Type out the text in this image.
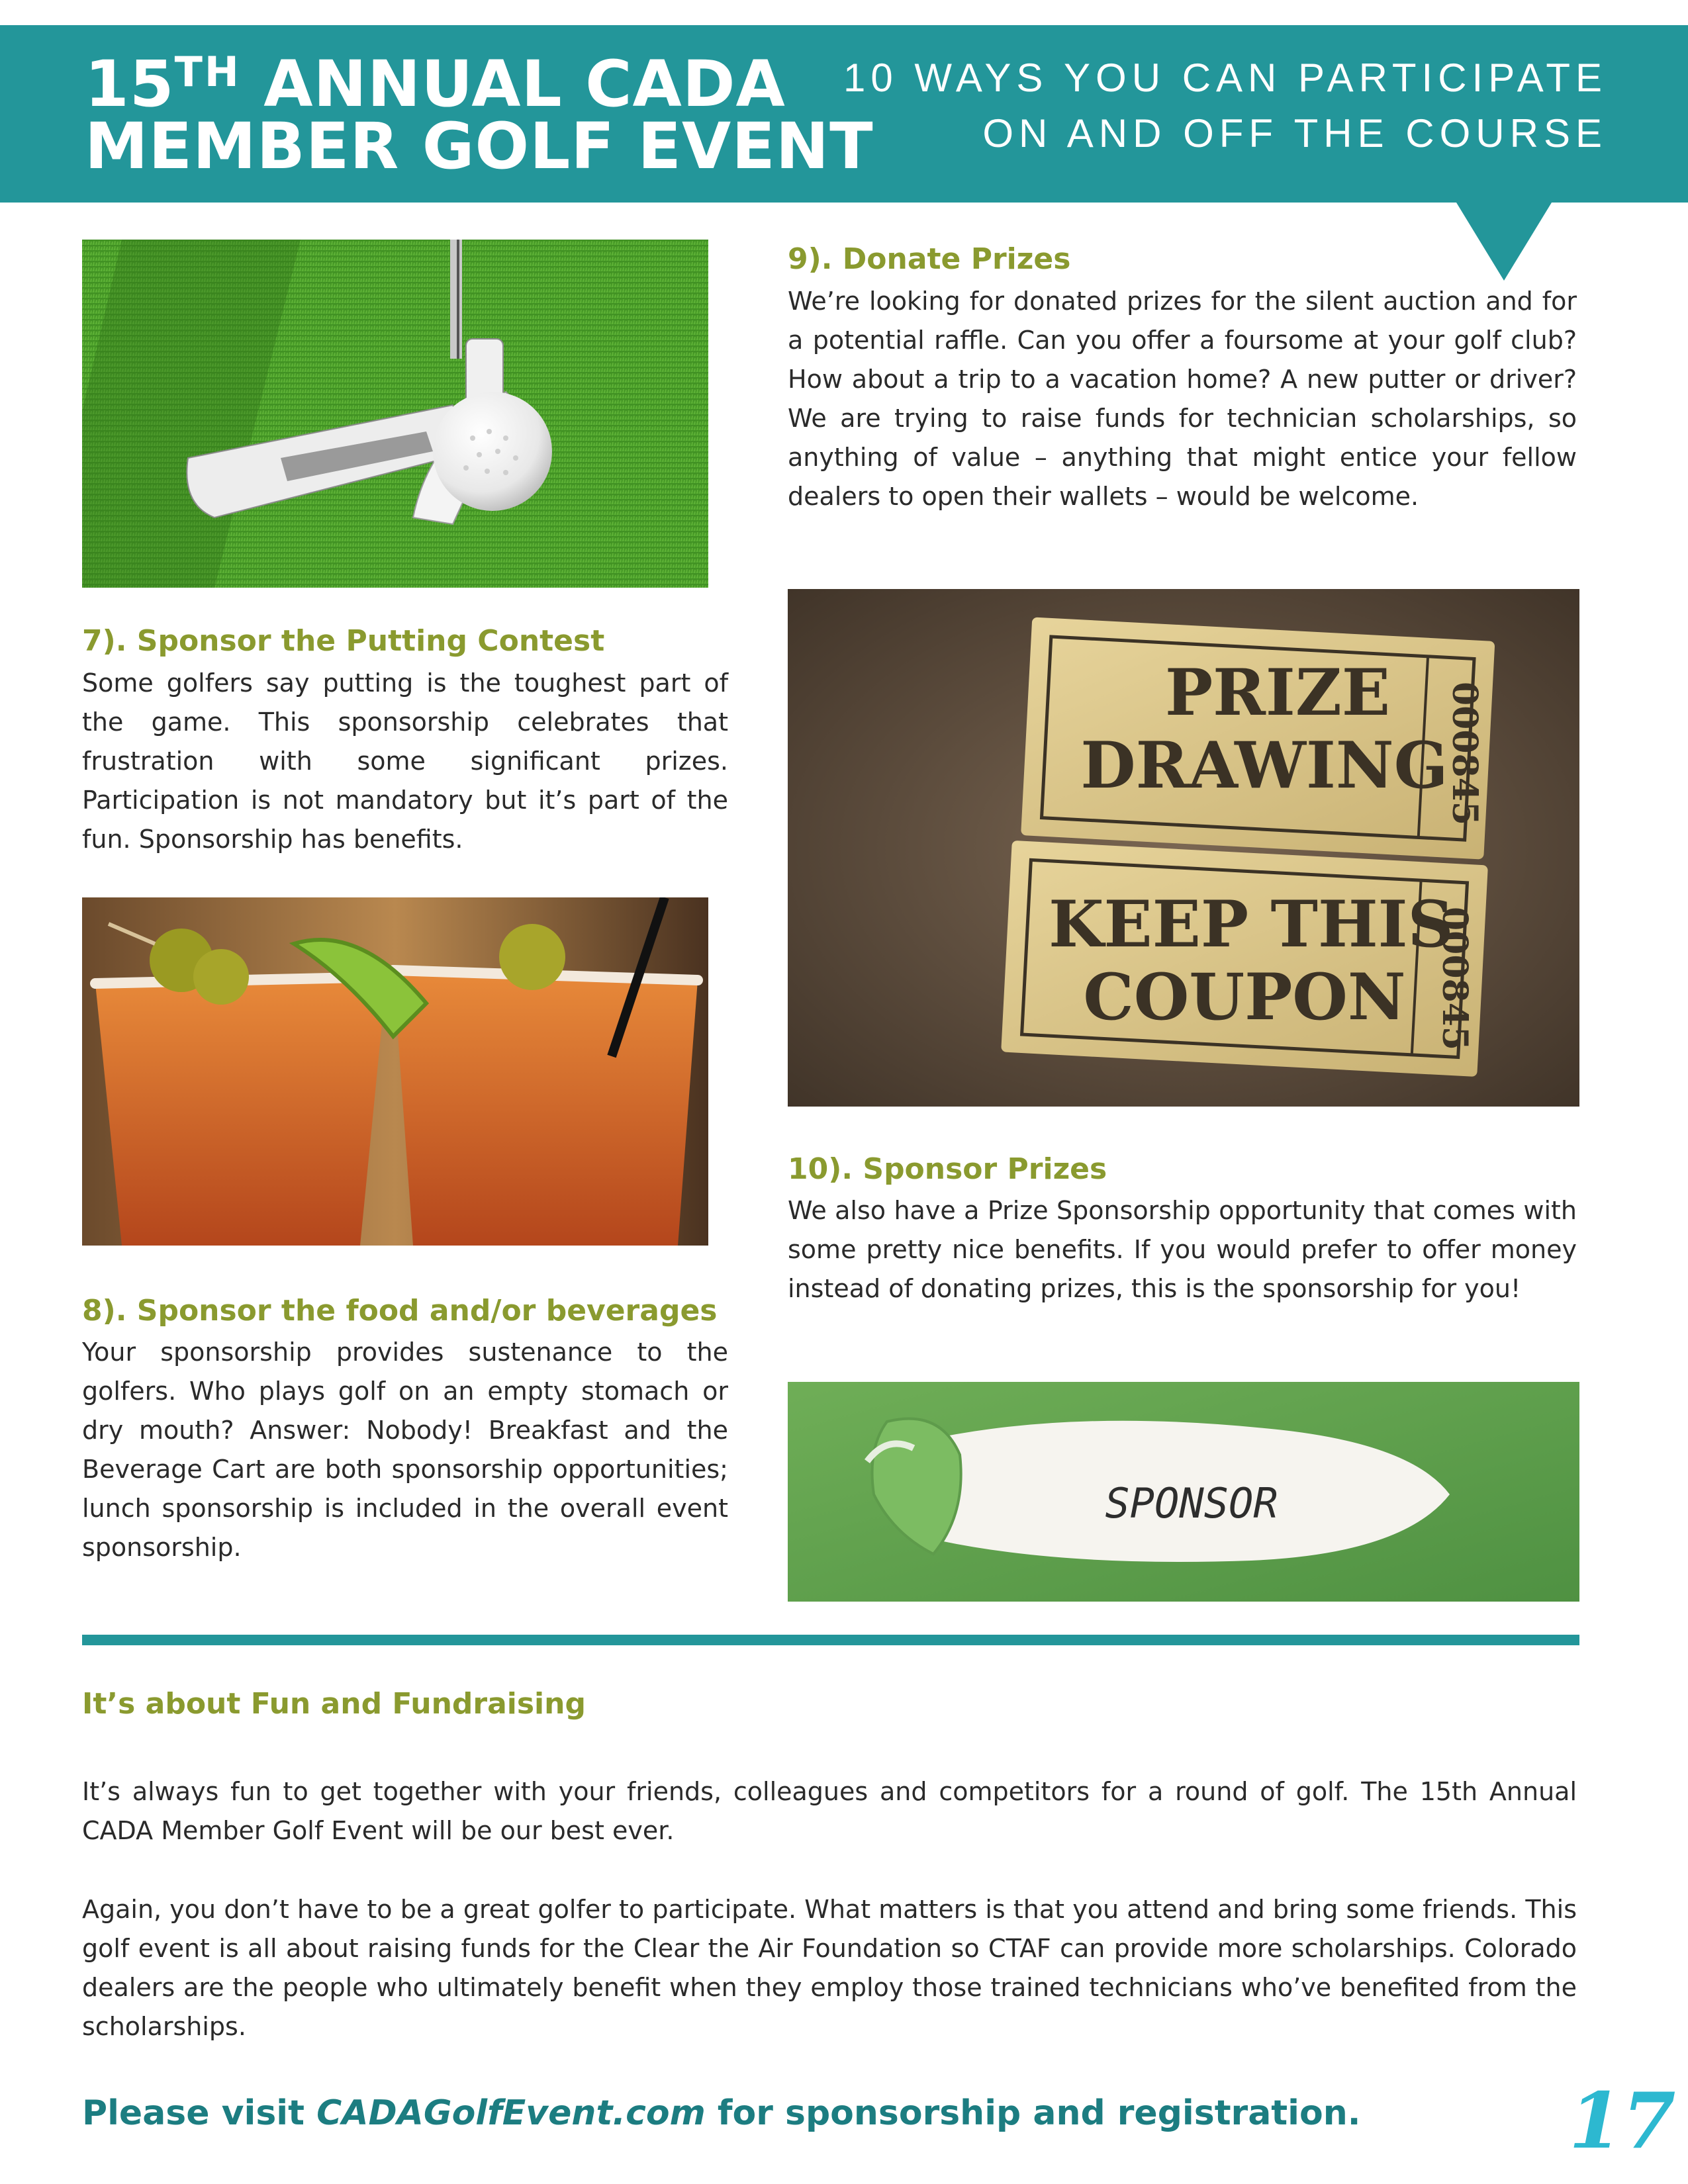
15TH ANNUAL CADA
MEMBER GOLF EVENT
10 WAYS YOU CAN PARTICIPATE
ON AND OFF THE COURSE
7). Sponsor the Putting Contest
Some golfers say putting is the toughest part of the game. This sponsorship celebrates that frustration with some significant prizes. Participation is not mandatory but it’s part of the fun. Sponsorship has benefits.
8). Sponsor the food and/or beverages
Your sponsorship provides sustenance to the golfers. Who plays golf on an empty stomach or dry mouth? Answer: Nobody! Breakfast and the Beverage Cart are both sponsorship opportunities; lunch sponsorship is included in the overall event sponsorship.
9). Donate Prizes
We’re looking for donated prizes for the silent auction and for a potential raffle. Can you offer a foursome at your golf club? How about a trip to a vacation home? A new putter or driver? We are trying to raise funds for technician scholarships, so anything of value – anything that might entice your fellow dealers to open their wallets – would be welcome.
PRIZE
DRAWING
KEEP THIS
COUPON
000845
000845
10). Sponsor Prizes
We also have a Prize Sponsorship opportunity that comes with some pretty nice benefits. If you would prefer to offer money instead of donating prizes, this is the sponsorship for you!
SPONSOR
It’s about Fun and Fundraising
It’s always fun to get together with your friends, colleagues and competitors for a round of golf. The 15th Annual CADA Member Golf Event will be our best ever.
Again, you don’t have to be a great golfer to participate. What matters is that you attend and bring some friends. This golf event is all about raising funds for the Clear the Air Foundation so CTAF can provide more scholarships. Colorado dealers are the people who ultimately benefit when they employ those trained technicians who’ve benefited from the scholarships.
Please visit CADAGolfEvent.com for sponsorship and registration.	17
